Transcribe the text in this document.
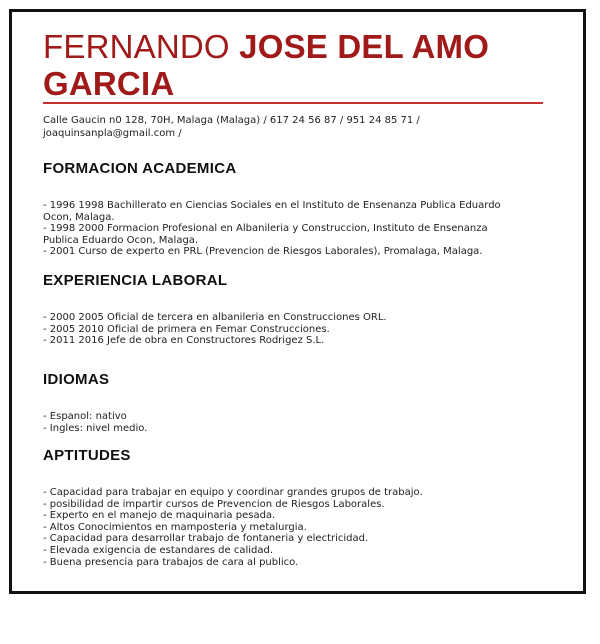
FERNANDO JOSE DEL AMO
GARCIA
Calle Gaucin n0 128, 70H, Malaga (Malaga) / 617 24 56 87 / 951 24 85 71 /
joaquinsanpla@gmail.com /
FORMACION ACADEMICA
- 1996 1998 Bachillerato en Ciencias Sociales en el Instituto de Ensenanza Publica Eduardo
Ocon, Malaga.
- 1998 2000 Formacion Profesional en Albanileria y Construccion, Instituto de Ensenanza
Publica Eduardo Ocon, Malaga.
- 2001 Curso de experto en PRL (Prevencion de Riesgos Laborales), Promalaga, Malaga.
EXPERIENCIA LABORAL
- 2000 2005 Oficial de tercera en albanileria en Construcciones ORL.
- 2005 2010 Oficial de primera en Femar Construcciones.
- 2011 2016 Jefe de obra en Constructores Rodrigez S.L.
IDIOMAS
- Espanol: nativo
- Ingles: nivel medio.
APTITUDES
- Capacidad para trabajar en equipo y coordinar grandes grupos de trabajo.
- posibilidad de impartir cursos de Prevencion de Riesgos Laborales.
- Experto en el manejo de maquinaria pesada.
- Altos Conocimientos en mamposteria y metalurgia.
- Capacidad para desarrollar trabajo de fontaneria y electricidad.
- Elevada exigencia de estandares de calidad.
- Buena presencia para trabajos de cara al publico.
